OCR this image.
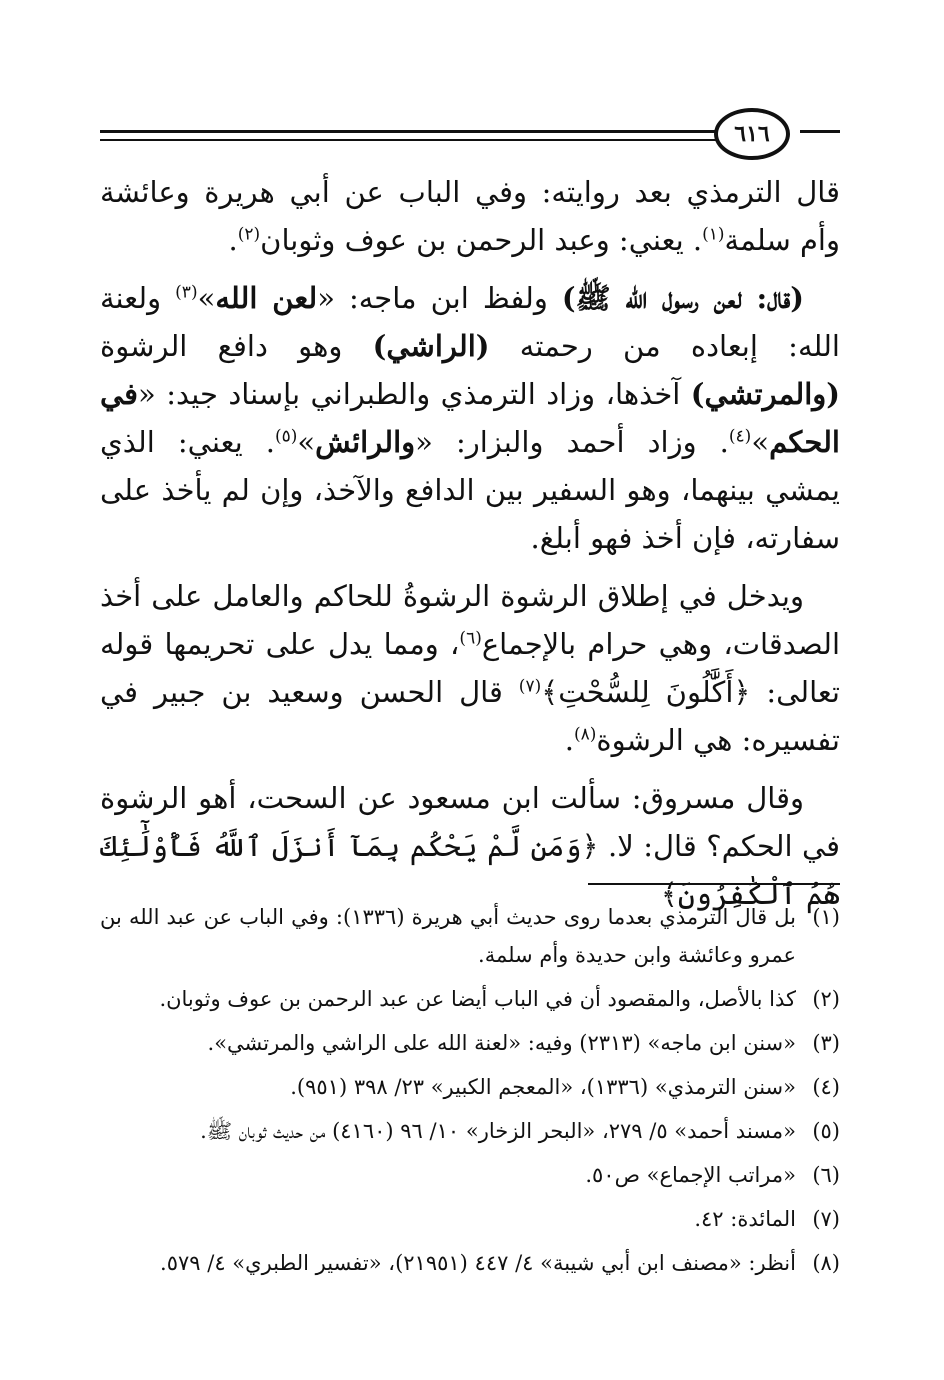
٦١٦

قال الترمذي بعد روايته: وفي الباب عن أبي هريرة وعائشة وأم سلمة$^{(١)}$. يعني: وعبد الرحمن بن عوف وثوبان$^{(٢)}$.

(قال: لعن رسول الله ﷺ) ولفظ ابن ماجه: «لعن الله»$^{(٣)}$ ولعنة الله: إبعاده من رحمته (الراشي) وهو دافع الرشوة (والمرتشي) آخذها، وزاد الترمذي والطبراني بإسناد جيد: «في الحكم»$^{(٤)}$. وزاد أحمد والبزار: «والرائش»$^{(٥)}$. يعني: الذي يمشي بينهما، وهو السفير بين الدافع والآخذ، وإن لم يأخذ على سفارته، فإن أخذ فهو أبلغ.

ويدخل في إطلاق الرشوة الرشوةُ للحاكم والعامل على أخذ الصدقات، وهي حرام بالإجماع$^{(٦)}$، ومما يدل على تحريمها قوله تعالى: ﴿أَكَّٰلُونَ لِلسُّحْتِ﴾$^{(٧)}$ قال الحسن وسعيد بن جبير في تفسيره: هي الرشوة$^{(٨)}$.

وقال مسروق: سألت ابن مسعود عن السحت، أهو الرشوة في الحكم؟ قال: لا. ﴿وَمَن لَّمْ يَحْكُم بِمَآ أَنزَلَ ٱللَّهُ فَأُوْلَٰٓئِكَ هُمُ ٱلْكَٰفِرُونَ﴾

(١)
بل قال الترمذي بعدما روى حديث أبي هريرة (١٣٣٦): وفي الباب عن عبد الله بن عمرو وعائشة وابن حديدة وأم سلمة.
(٢)
كذا بالأصل، والمقصود أن في الباب أيضا عن عبد الرحمن بن عوف وثوبان.
(٣)
«سنن ابن ماجه» (٢٣١٣) وفيه: «لعنة الله على الراشي والمرتشي».
(٤)
«سنن الترمذي» (١٣٣٦)، «المعجم الكبير» ٢٣/ ٣٩٨ (٩٥١).
(٥)
«مسند أحمد» ٥/ ٢٧٩، «البحر الزخار» ١٠/ ٩٦ (٤١٦٠) من حديث ثوبان ﷺ.
(٦)
«مراتب الإجماع» ص٥٠.
(٧)
المائدة: ٤٢.
(٨)
أنظر: «مصنف ابن أبي شيبة» ٤/ ٤٤٧ (٢١٩٥١)، «تفسير الطبري» ٤/ ٥٧٩.
